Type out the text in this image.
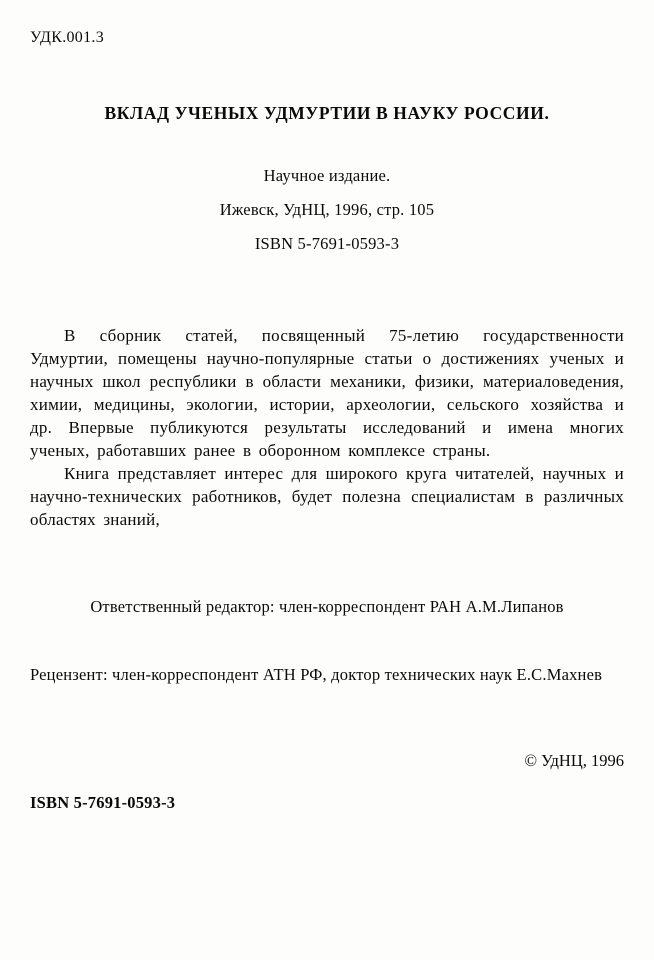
УДК.001.3
ВКЛАД УЧЕНЫХ УДМУРТИИ В НАУКУ РОССИИ.
Научное издание.
Ижевск, УдНЦ, 1996, стр. 105
ISBN 5-7691-0593-3

В сборник статей, посвященный 75-летию государственности Удмуртии, помещены научно-популярные статьи о достижениях ученых и научных школ республики в области механики, физики, материаловедения, химии, медицины, экологии, истории, археологии, сельского хозяйства и др. Впервые публикуются результаты исследований и имена многих ученых, работавших ранее в оборонном комплексе страны.

Книга представляет интерес для широкого круга читателей, научных и научно-технических работников, будет полезна специалистам в различных областях знаний,

Ответственный редактор: член-корреспондент РАН А.М.Липанов
Рецензент: член-корреспондент АТН РФ, доктор технических наук Е.С.Махнев
© УдНЦ, 1996
ISBN 5-7691-0593-3
